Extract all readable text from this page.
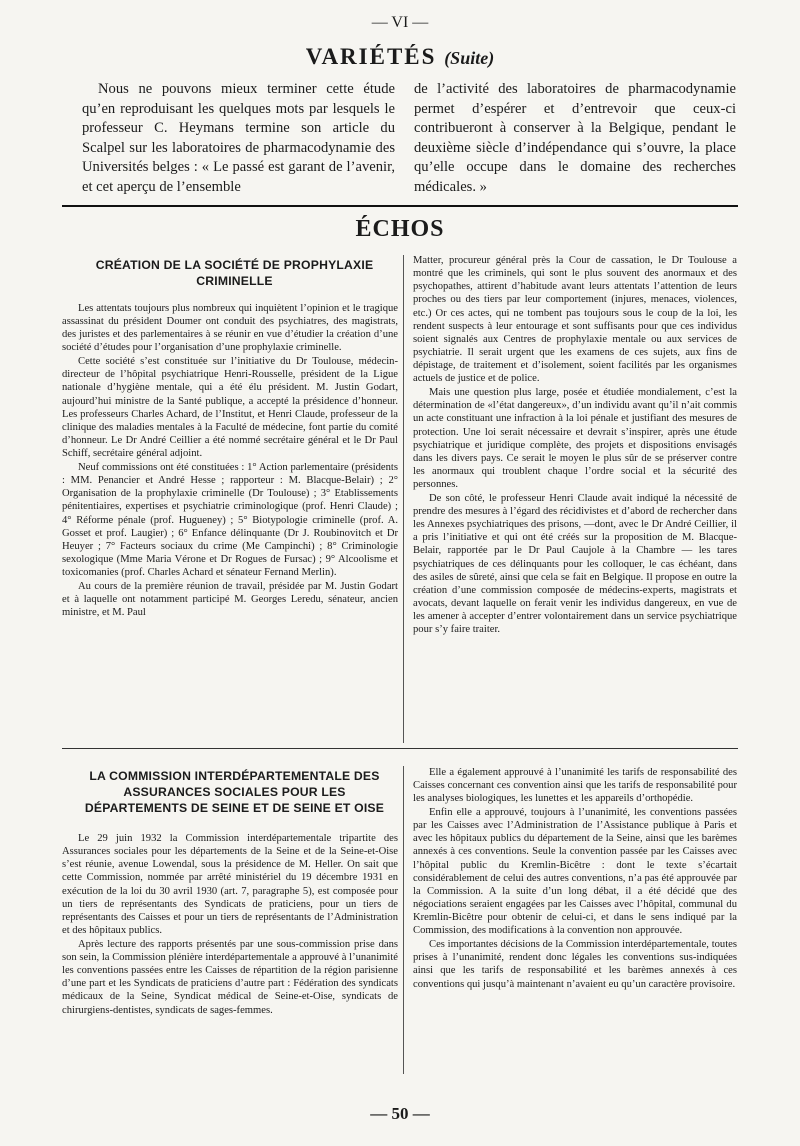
— VI —
VARIÉTÉS (Suite)

Nous ne pouvons mieux terminer cette étude qu’en reproduisant les quelques mots par lesquels le professeur C. Heymans termine son article du Scalpel sur les laboratoires de pharmacodynamie des Universités belges : « Le passé est garant de l’avenir, et cet aperçu de l’ensemble

de l’activité des laboratoires de pharmacodynamie permet d’espérer et d’entrevoir que ceux-ci contribueront à conserver à la Belgique, pendant le deuxième siècle d’indépendance qui s’ouvre, la place qu’elle occupe dans le domaine des recherches médicales. »

ÉCHOS
CRÉATION DE LA SOCIÉTÉ DE PROPHYLAXIE CRIMINELLE

Les attentats toujours plus nombreux qui inquiètent l’opinion et le tragique assassinat du président Doumer ont conduit des psychiatres, des magistrats, des juristes et des parlementaires à se réunir en vue d’étudier la création d’une société d’études pour l’organisation d’une prophylaxie criminelle.

Cette société s’est constituée sur l’initiative du Dr Toulouse, médecin-directeur de l’hôpital psychiatrique Henri-Rousselle, président de la Ligue nationale d’hygiène mentale, qui a été élu président. M. Justin Godart, aujourd’hui ministre de la Santé publique, a accepté la présidence d’honneur. Les professeurs Charles Achard, de l’Institut, et Henri Claude, professeur de la clinique des maladies mentales à la Faculté de médecine, font partie du comité d’honneur. Le Dr André Ceillier a été nommé secrétaire général et le Dr Paul Schiff, secrétaire général adjoint.

Neuf commissions ont été constituées : 1° Action parlementaire (présidents : MM. Penancier et André Hesse ; rapporteur : M. Blacque-Belair) ; 2° Organisation de la prophylaxie criminelle (Dr Toulouse) ; 3° Etablissements pénitentiaires, expertises et psychiatrie criminologique (prof. Henri Claude) ; 4° Réforme pénale (prof. Hugueney) ; 5° Biotypologie criminelle (prof. A. Gosset et prof. Laugier) ; 6° Enfance délinquante (Dr J. Roubinovitch et Dr Heuyer ; 7° Facteurs sociaux du crime (Me Campinchi) ; 8° Criminologie sexologique (Mme Maria Vérone et Dr Rogues de Fursac) ; 9° Alcoolisme et toxicomanies (prof. Charles Achard et sénateur Fernand Merlin).

Au cours de la première réunion de travail, présidée par M. Justin Godart et à laquelle ont notamment participé M. Georges Leredu, sénateur, ancien ministre, et M. Paul

Matter, procureur général près la Cour de cassation, le Dr Toulouse a montré que les criminels, qui sont le plus souvent des anormaux et des psychopathes, attirent d’habitude avant leurs attentats l’attention de leurs proches ou des tiers par leur comportement (injures, menaces, violences, etc.) Or ces actes, qui ne tombent pas toujours sous le coup de la loi, les rendent suspects à leur entourage et sont suffisants pour que ces individus soient signalés aux Centres de prophylaxie mentale ou aux services de psychiatrie. Il serait urgent que les examens de ces sujets, aux fins de dépistage, de traitement et d’isolement, soient facilités par les organismes actuels de justice et de police.

Mais une question plus large, posée et étudiée mondialement, c’est la détermination de «l’état dangereux», d’un individu avant qu’il n’ait commis un acte constituant une infraction à la loi pénale et justifiant des mesures de protection. Une loi serait nécessaire et devrait s’inspirer, après une étude psychiatrique et juridique complète, des projets et dispositions envisagés dans les divers pays. Ce serait le moyen le plus sûr de se préserver contre les anormaux qui troublent chaque l’ordre social et la sécurité des personnes.

De son côté, le professeur Henri Claude avait indiqué la nécessité de prendre des mesures à l’égard des récidivistes et d’abord de rechercher dans les Annexes psychiatriques des prisons, —dont, avec le Dr André Ceillier, il a pris l’initiative et qui ont été créés sur la proposition de M. Blacque-Belair, rapportée par le Dr Paul Caujole à la Chambre — les tares psychiatriques de ces délinquants pour les colloquer, le cas échéant, dans des asiles de sûreté, ainsi que cela se fait en Belgique. Il propose en outre la création d’une commission composée de médecins-experts, magistrats et avocats, devant laquelle on ferait venir les individus dangereux, en vue de les amener à accepter d’entrer volontairement dans un service psychiatrique pour s’y faire traiter.

LA COMMISSION INTERDÉPARTEMENTALE DES ASSURANCES SOCIALES POUR LES DÉPARTEMENTS DE SEINE ET DE SEINE ET OISE

Le 29 juin 1932 la Commission interdépartementale tripartite des Assurances sociales pour les départements de la Seine et de la Seine-et-Oise s’est réunie, avenue Lowendal, sous la présidence de M. Heller. On sait que cette Commission, nommée par arrêté ministériel du 19 décembre 1931 en exécution de la loi du 30 avril 1930 (art. 7, paragraphe 5), est composée pour un tiers de représentants des Syndicats de praticiens, pour un tiers de représentants des Caisses et pour un tiers de représentants de l’Administration et des hôpitaux publics.

Après lecture des rapports présentés par une sous-commission prise dans son sein, la Commission plénière interdépartementale a approuvé à l’unanimité les conventions passées entre les Caisses de répartition de la région parisienne d’une part et les Syndicats de praticiens d’autre part : Fédération des syndicats médicaux de la Seine, Syndicat médical de Seine-et-Oise, syndicats de chirurgiens-dentistes, syndicats de sages-femmes.

Elle a également approuvé à l’unanimité les tarifs de responsabilité des Caisses concernant ces convention ainsi que les tarifs de responsabilité pour les analyses biologiques, les lunettes et les appareils d’orthopédie.

Enfin elle a approuvé, toujours à l’unanimité, les conventions passées par les Caisses avec l’Administration de l’Assistance publique à Paris et avec les hôpitaux publics du département de la Seine, ainsi que les barèmes annexés à ces conventions. Seule la convention passée par les Caisses avec l’hôpital public du Kremlin-Bicêtre : dont le texte s’écartait considérablement de celui des autres conventions, n’a pas été approuvée par la Commission. A la suite d’un long débat, il a été décidé que des négociations seraient engagées par les Caisses avec l’hôpital, communal du Kremlin-Bicêtre pour obtenir de celui-ci, et dans le sens indiqué par la Commission, des modifications à la convention non approuvée.

Ces importantes décisions de la Commission interdépartementale, toutes prises à l’unanimité, rendent donc légales les conventions sus-indiquées ainsi que les tarifs de responsabilité et les barèmes annexés à ces conventions qui jusqu’à maintenant n’avaient eu qu’un caractère provisoire.

— 50 —
